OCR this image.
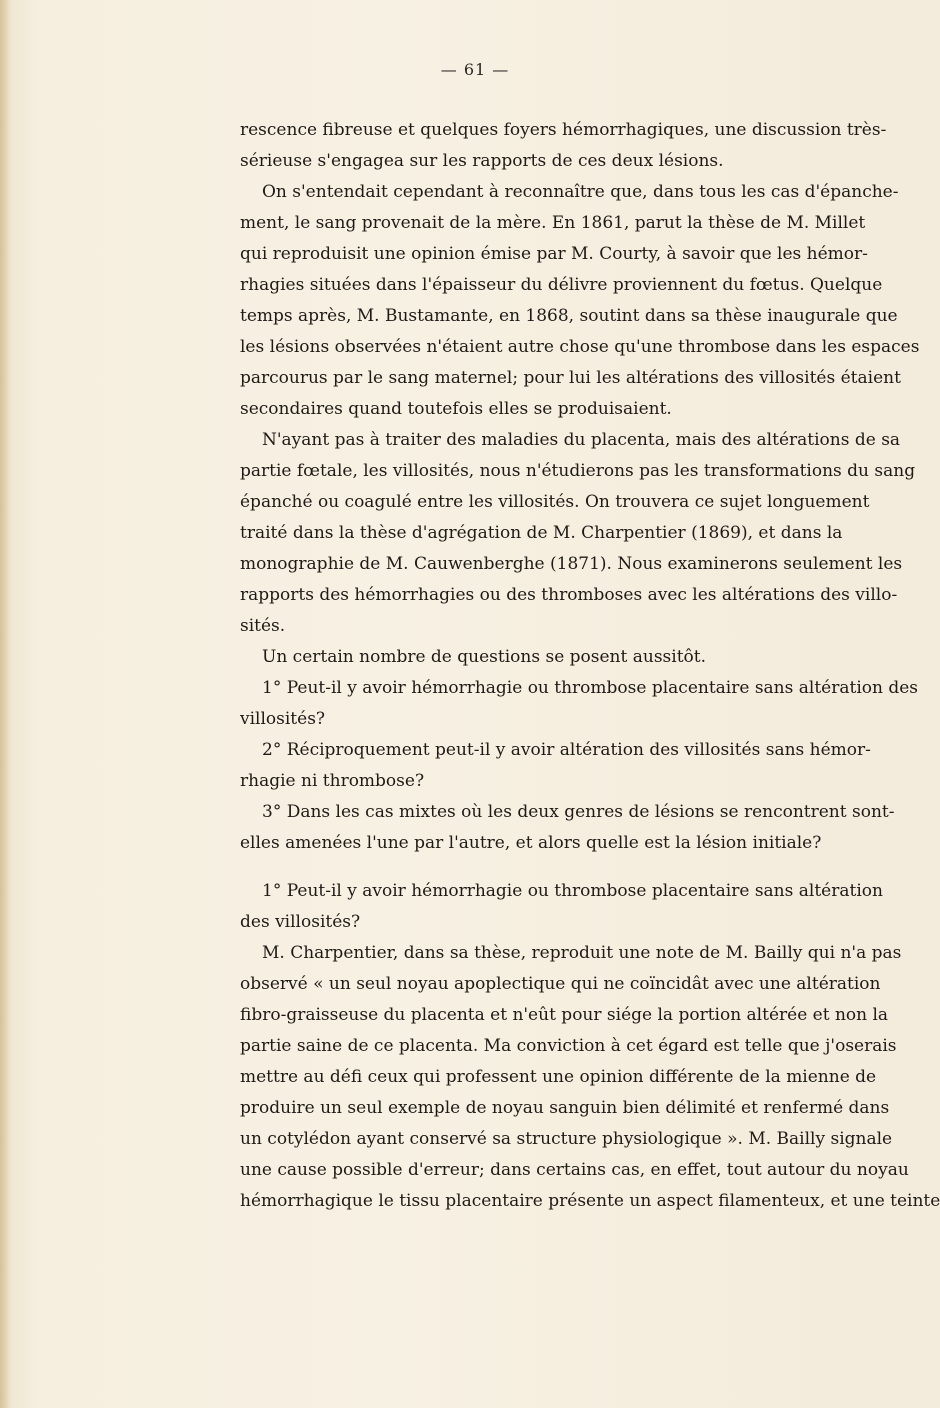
— 61 —
rescence fibreuse et quelques foyers hémorrhagiques, une discussion très-
sérieuse s'engagea sur les rapports de ces deux lésions.
On s'entendait cependant à reconnaître que, dans tous les cas d'épanche-
ment, le sang provenait de la mère. En 1861, parut la thèse de M. Millet
qui reproduisit une opinion émise par M. Courty, à savoir que les hémor-
rhagies situées dans l'épaisseur du délivre proviennent du fœtus. Quelque
temps après, M. Bustamante, en 1868, soutint dans sa thèse inaugurale que
les lésions observées n'étaient autre chose qu'une thrombose dans les espaces
parcourus par le sang maternel; pour lui les altérations des villosités étaient
secondaires quand toutefois elles se produisaient.
N'ayant pas à traiter des maladies du placenta, mais des altérations de sa
partie fœtale, les villosités, nous n'étudierons pas les transformations du sang
épanché ou coagulé entre les villosités. On trouvera ce sujet longuement
traité dans la thèse d'agrégation de M. Charpentier (1869), et dans la
monographie de M. Cauwenberghe (1871). Nous examinerons seulement les
rapports des hémorrhagies ou des thromboses avec les altérations des villo-
sités.
Un certain nombre de questions se posent aussitôt.
1° Peut-il y avoir hémorrhagie ou thrombose placentaire sans altération des
villosités?
2° Réciproquement peut-il y avoir altération des villosités sans hémor-
rhagie ni thrombose?
3° Dans les cas mixtes où les deux genres de lésions se rencontrent sont-
elles amenées l'une par l'autre, et alors quelle est la lésion initiale?
1° Peut-il y avoir hémorrhagie ou thrombose placentaire sans altération
des villosités?
M. Charpentier, dans sa thèse, reproduit une note de M. Bailly qui n'a pas
observé « un seul noyau apoplectique qui ne coïncidât avec une altération
fibro-graisseuse du placenta et n'eût pour siége la portion altérée et non la
partie saine de ce placenta. Ma conviction à cet égard est telle que j'oserais
mettre au défi ceux qui professent une opinion différente de la mienne de
produire un seul exemple de noyau sanguin bien délimité et renfermé dans
un cotylédon ayant conservé sa structure physiologique ». M. Bailly signale
une cause possible d'erreur; dans certains cas, en effet, tout autour du noyau
hémorrhagique le tissu placentaire présente un aspect filamenteux, et une teinte
